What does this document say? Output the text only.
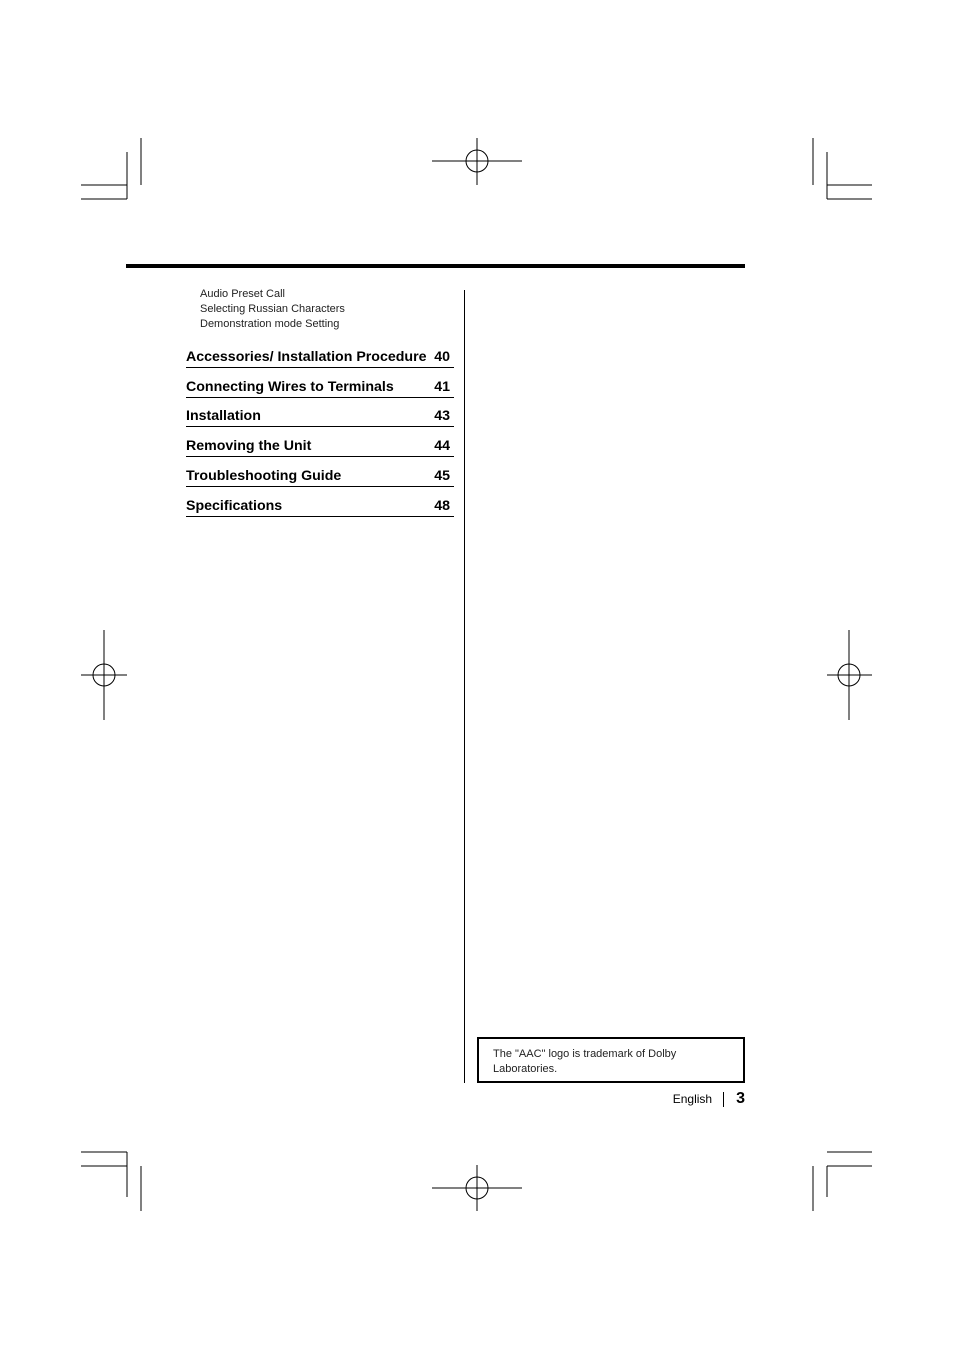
Audio Preset Call
Selecting Russian Characters
Demonstration mode Setting
Accessories/ Installation Procedure 40
Connecting Wires to Terminals	41
Installation	43
Removing the Unit	44
Troubleshooting Guide	45
Specifications	48
The "AAC" logo is trademark of Dolby Laboratories.
English 3
